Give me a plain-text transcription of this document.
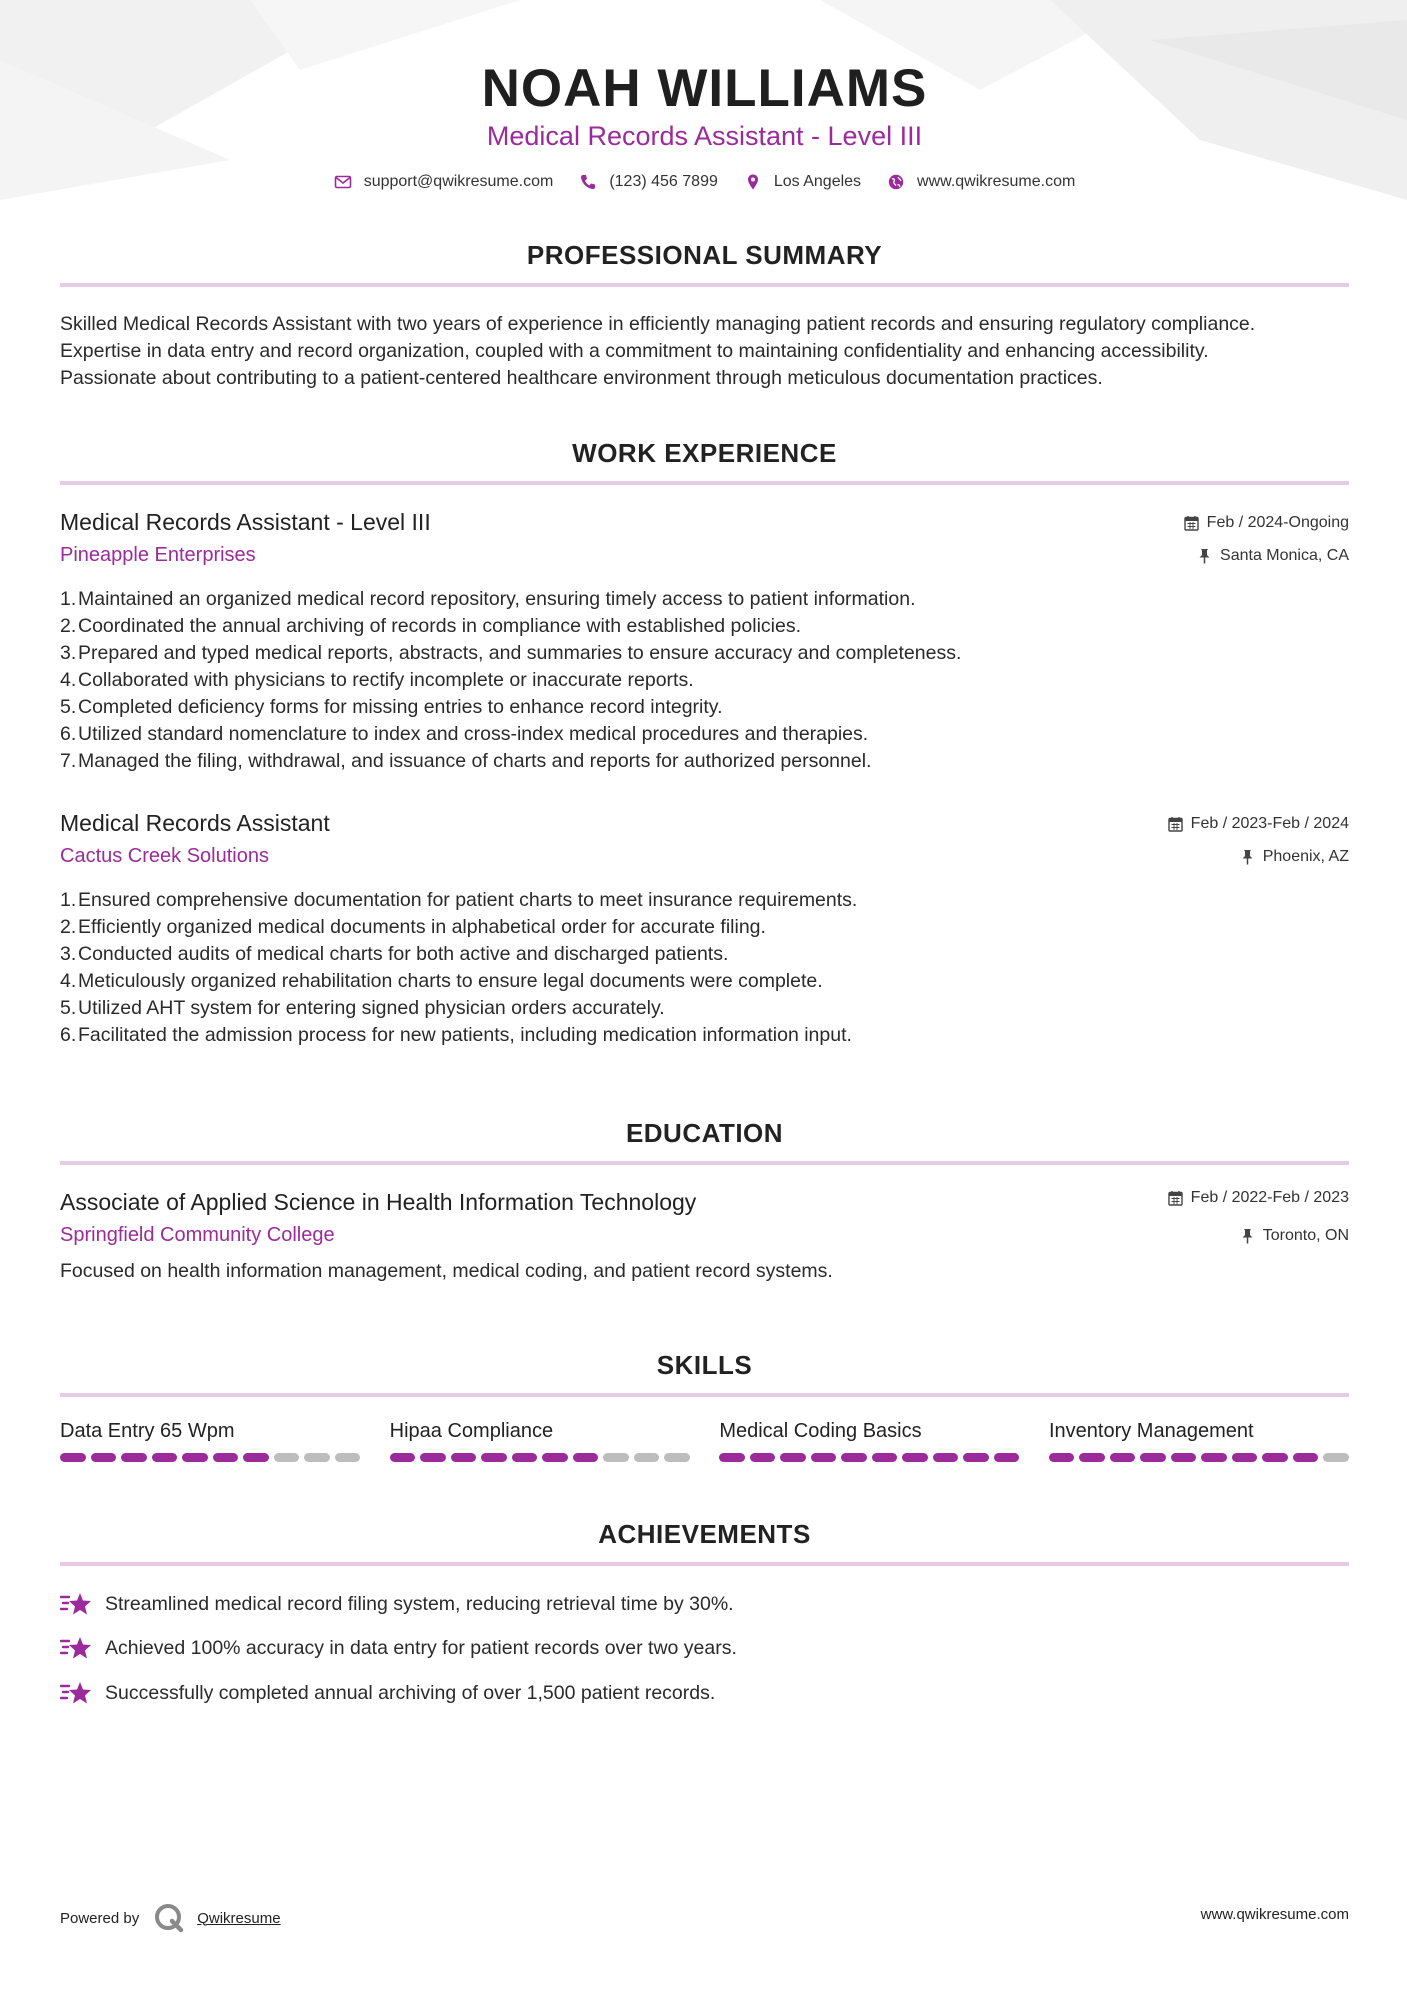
NOAH WILLIAMS
Medical Records Assistant - Level III
support@qwikresume.com	(123) 456 7899	Los Angeles	www.qwikresume.com
PROFESSIONAL SUMMARY
Skilled Medical Records Assistant with two years of experience in efficiently managing patient records and ensuring regulatory compliance.
Expertise in data entry and record organization, coupled with a commitment to maintaining confidentiality and enhancing accessibility.
Passionate about contributing to a patient-centered healthcare environment through meticulous documentation practices.
WORK EXPERIENCE
Medical Records Assistant - Level III
Pineapple Enterprises
Feb / 2024-Ongoing
Santa Monica, CA
1. Maintained an organized medical record repository, ensuring timely access to patient information.
2. Coordinated the annual archiving of records in compliance with established policies.
3. Prepared and typed medical reports, abstracts, and summaries to ensure accuracy and completeness.
4. Collaborated with physicians to rectify incomplete or inaccurate reports.
5. Completed deficiency forms for missing entries to enhance record integrity.
6. Utilized standard nomenclature to index and cross-index medical procedures and therapies.
7. Managed the filing, withdrawal, and issuance of charts and reports for authorized personnel.
Medical Records Assistant
Cactus Creek Solutions
Feb / 2023-Feb / 2024
Phoenix, AZ
1. Ensured comprehensive documentation for patient charts to meet insurance requirements.
2. Efficiently organized medical documents in alphabetical order for accurate filing.
3. Conducted audits of medical charts for both active and discharged patients.
4. Meticulously organized rehabilitation charts to ensure legal documents were complete.
5. Utilized AHT system for entering signed physician orders accurately.
6. Facilitated the admission process for new patients, including medication information input.
EDUCATION
Associate of Applied Science in Health Information Technology
Springfield Community College
Feb / 2022-Feb / 2023
Toronto, ON
Focused on health information management, medical coding, and patient record systems.
SKILLS
Data Entry 65 Wpm	Hipaa Compliance	Medical Coding Basics	Inventory Management
ACHIEVEMENTS
Streamlined medical record filing system, reducing retrieval time by 30%.
Achieved 100% accuracy in data entry for patient records over two years.
Successfully completed annual archiving of over 1,500 patient records.
Powered by	Qwikresume	www.qwikresume.com
